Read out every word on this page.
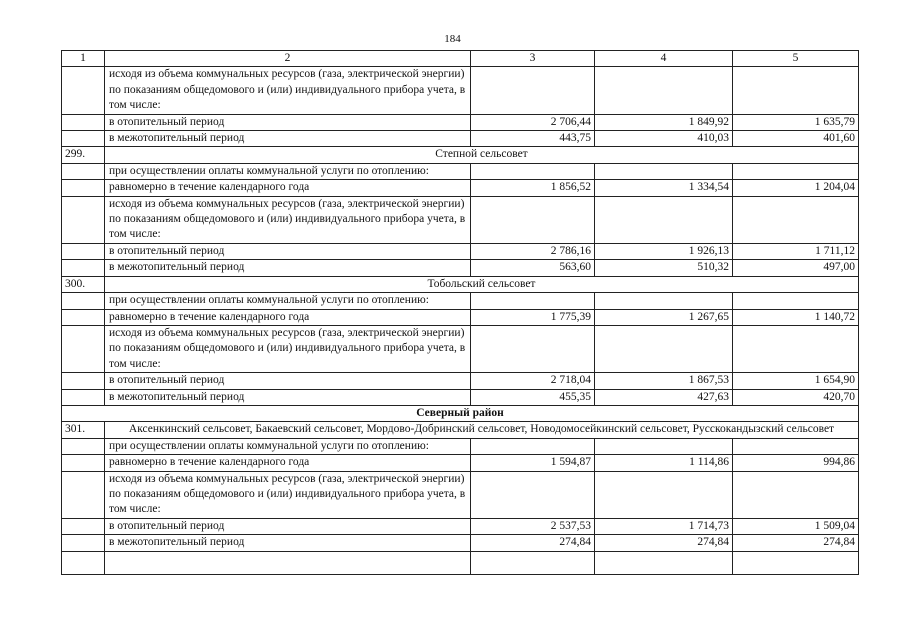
184
1	2	3	4	5
	исходя из объема коммунальных ресурсов (газа, электрической энергии) по показаниям общедомового и (или) индивидуального прибора учета, в том числе:			
	в отопительный период	2 706,44	1 849,92	1 635,79
	в межотопительный период	443,75	410,03	401,60
299.	Степной сельсовет			
	при осуществлении оплаты коммунальной услуги по отоплению:			
	равномерно в течение календарного года	1 856,52	1 334,54	1 204,04
	исходя из объема коммунальных ресурсов (газа, электрической энергии) по показаниям общедомового и (или) индивидуального прибора учета, в том числе:			
	в отопительный период	2 786,16	1 926,13	1 711,12
	в межотопительный период	563,60	510,32	497,00
300.	Тобольский сельсовет			
	при осуществлении оплаты коммунальной услуги по отоплению:			
	равномерно в течение календарного года	1 775,39	1 267,65	1 140,72
	исходя из объема коммунальных ресурсов (газа, электрической энергии) по показаниям общедомового и (или) индивидуального прибора учета, в том числе:			
	в отопительный период	2 718,04	1 867,53	1 654,90
	в межотопительный период	455,35	427,63	420,70
Северный район				
301.	Аксенкинский сельсовет, Бакаевский сельсовет, Мордово-Добринский сельсовет, Новодомосейкинский сельсовет, Русскокандызский сельсовет			
	при осуществлении оплаты коммунальной услуги по отоплению:			
	равномерно в течение календарного года	1 594,87	1 114,86	994,86
	исходя из объема коммунальных ресурсов (газа, электрической энергии) по показаниям общедомового и (или) индивидуального прибора учета, в том числе:			
	в отопительный период	2 537,53	1 714,73	1 509,04
	в межотопительный период	274,84	274,84	274,84
